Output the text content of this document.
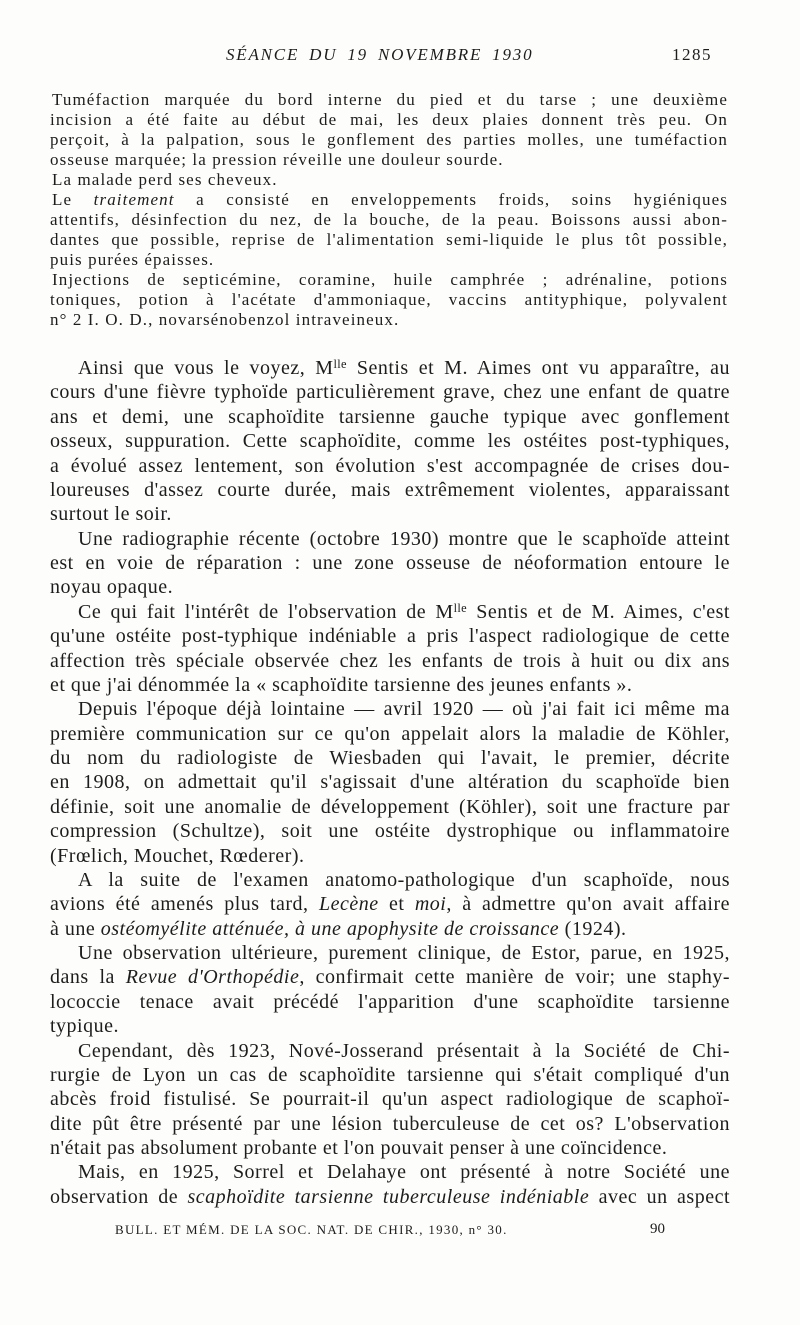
SÉANCE DU 19 NOVEMBRE 1930	1285
Tuméfaction marquée du bord interne du pied et du tarse ; une deuxième
incision a été faite au début de mai, les deux plaies donnent très peu. On
perçoit, à la palpation, sous le gonflement des parties molles, une tuméfaction
osseuse marquée; la pression réveille une douleur sourde.
La malade perd ses cheveux.
Le traitement a consisté en enveloppements froids, soins hygiéniques
attentifs, désinfection du nez, de la bouche, de la peau. Boissons aussi abon-
dantes que possible, reprise de l'alimentation semi-liquide le plus tôt possible,
puis purées épaisses.
Injections de septicémine, coramine, huile camphrée ; adrénaline, potions
toniques, potion à l'acétate d'ammoniaque, vaccins antityphique, polyvalent
n° 2 I. O. D., novarsénobenzol intraveineux.
Ainsi que vous le voyez, $M^{lle}$ Sentis et M. Aimes ont vu apparaître, au
cours d'une fièvre typhoïde particulièrement grave, chez une enfant de quatre
ans et demi, une scaphoïdite tarsienne gauche typique avec gonflement
osseux, suppuration. Cette scaphoïdite, comme les ostéites post-typhiques,
a évolué assez lentement, son évolution s'est accompagnée de crises dou-
loureuses d'assez courte durée, mais extrêmement violentes, apparaissant
surtout le soir.
Une radiographie récente (octobre 1930) montre que le scaphoïde atteint
est en voie de réparation : une zone osseuse de néoformation entoure le
noyau opaque.
Ce qui fait l'intérêt de l'observation de $M^{lle}$ Sentis et de M. Aimes, c'est
qu'une ostéite post-typhique indéniable a pris l'aspect radiologique de cette
affection très spéciale observée chez les enfants de trois à huit ou dix ans
et que j'ai dénommée la « scaphoïdite tarsienne des jeunes enfants ».
Depuis l'époque déjà lointaine — avril 1920 — où j'ai fait ici même ma
première communication sur ce qu'on appelait alors la maladie de Köhler,
du nom du radiologiste de Wiesbaden qui l'avait, le premier, décrite
en 1908, on admettait qu'il s'agissait d'une altération du scaphoïde bien
définie, soit une anomalie de développement (Köhler), soit une fracture par
compression (Schultze), soit une ostéite dystrophique ou inflammatoire
(Frœlich, Mouchet, Rœderer).
A la suite de l'examen anatomo-pathologique d'un scaphoïde, nous
avions été amenés plus tard, Lecène et moi, à admettre qu'on avait affaire
à une ostéomyélite atténuée, à une apophysite de croissance (1924).
Une observation ultérieure, purement clinique, de Estor, parue, en 1925,
dans la Revue d'Orthopédie, confirmait cette manière de voir; une staphy-
lococcie tenace avait précédé l'apparition d'une scaphoïdite tarsienne
typique.
Cependant, dès 1923, Nové-Josserand présentait à la Société de Chi-
rurgie de Lyon un cas de scaphoïdite tarsienne qui s'était compliqué d'un
abcès froid fistulisé. Se pourrait-il qu'un aspect radiologique de scaphoï-
dite pût être présenté par une lésion tuberculeuse de cet os? L'observation
n'était pas absolument probante et l'on pouvait penser à une coïncidence.
Mais, en 1925, Sorrel et Delahaye ont présenté à notre Société une
observation de scaphoïdite tarsienne tuberculeuse indéniable avec un aspect
BULL. ET MÉM. DE LA SOC. NAT. DE CHIR., 1930, n° 30.	90
